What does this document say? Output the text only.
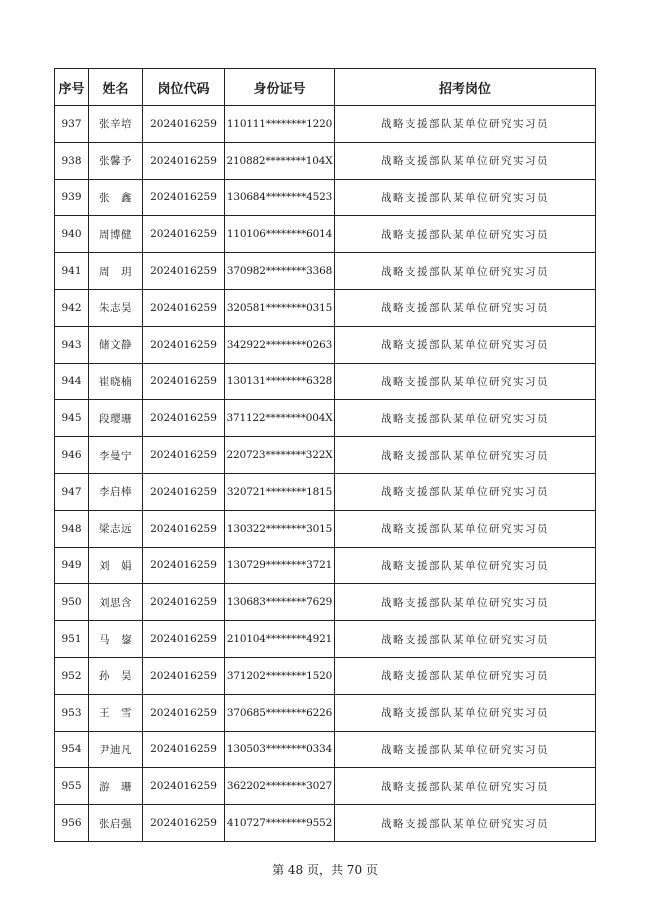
序号	姓名	岗位代码	身份证号	招考岗位
937	张辛培	2024016259	110111********1220	战略支援部队某单位研究实习员
938	张馨予	2024016259	210882********104X	战略支援部队某单位研究实习员
939	张　鑫	2024016259	130684********4523	战略支援部队某单位研究实习员
940	周博健	2024016259	110106********6014	战略支援部队某单位研究实习员
941	周　玥	2024016259	370982********3368	战略支援部队某单位研究实习员
942	朱志昊	2024016259	320581********0315	战略支援部队某单位研究实习员
943	储文静	2024016259	342922********0263	战略支援部队某单位研究实习员
944	崔晓楠	2024016259	130131********6328	战略支援部队某单位研究实习员
945	段璎珊	2024016259	371122********004X	战略支援部队某单位研究实习员
946	李曼宁	2024016259	220723********322X	战略支援部队某单位研究实习员
947	李启棒	2024016259	320721********1815	战略支援部队某单位研究实习员
948	梁志远	2024016259	130322********3015	战略支援部队某单位研究实习员
949	刘　娟	2024016259	130729********3721	战略支援部队某单位研究实习员
950	刘思含	2024016259	130683********7629	战略支援部队某单位研究实习员
951	马　鋆	2024016259	210104********4921	战略支援部队某单位研究实习员
952	孙　昊	2024016259	371202********1520	战略支援部队某单位研究实习员
953	王　雪	2024016259	370685********6226	战略支援部队某单位研究实习员
954	尹迪凡	2024016259	130503********0334	战略支援部队某单位研究实习员
955	游　珊	2024016259	362202********3027	战略支援部队某单位研究实习员
956	张启强	2024016259	410727********9552	战略支援部队某单位研究实习员
第 48 页，共 70 页
